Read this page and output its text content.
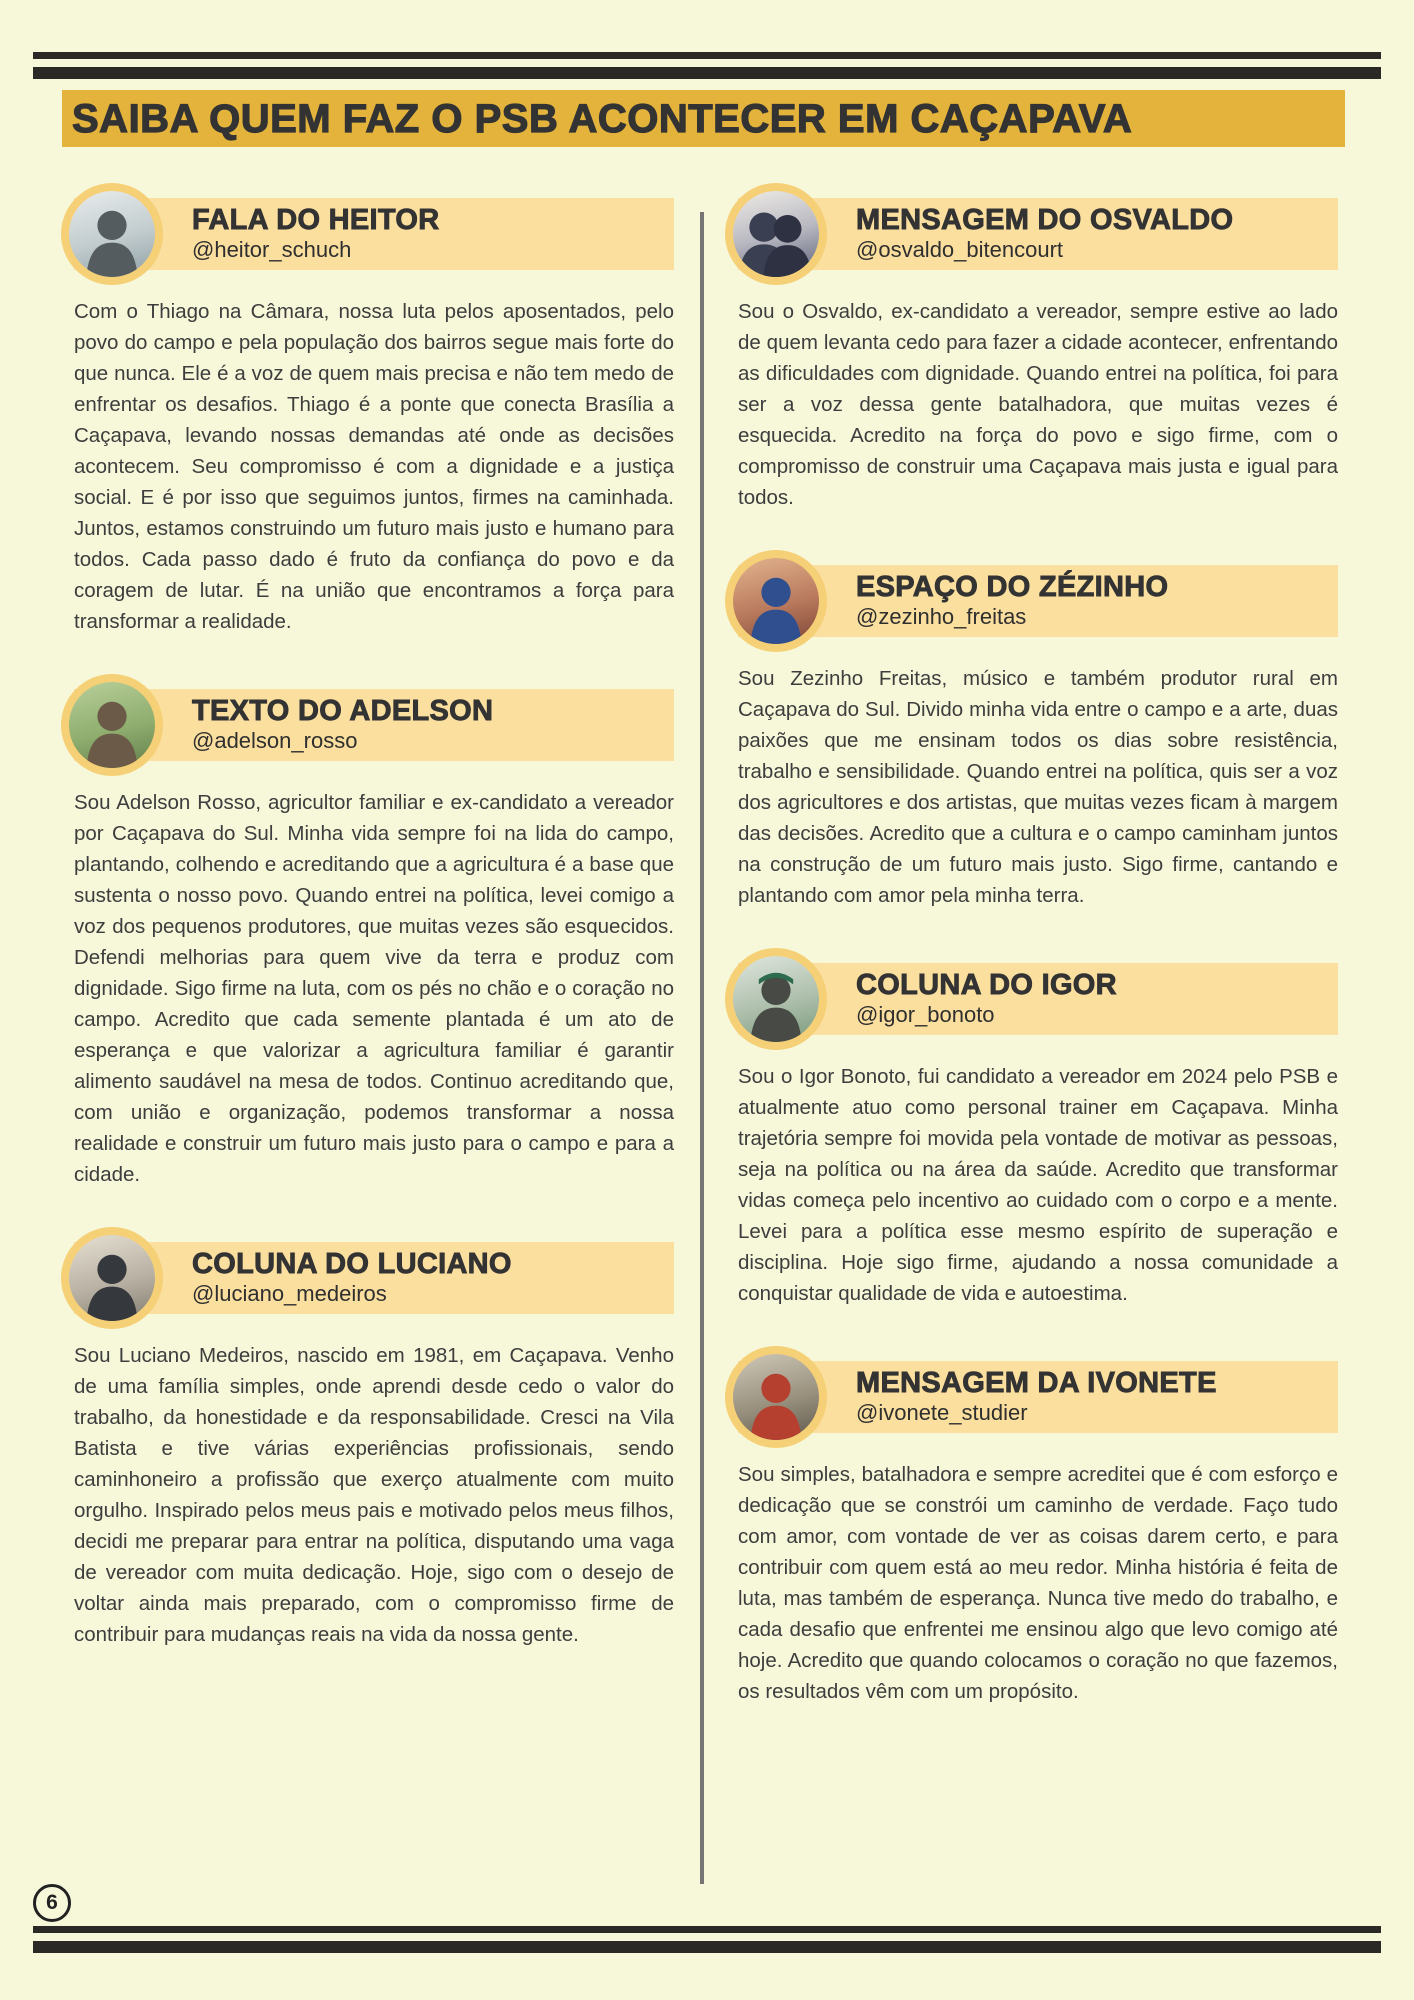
SAIBA QUEM FAZ O PSB ACONTECER EM CAÇAPAVA
FALA DO HEITOR
@heitor_schuch

Com o Thiago na Câmara, nossa luta pelos aposentados, pelo povo do campo e pela população dos bairros segue mais forte do que nunca. Ele é a voz de quem mais precisa e não tem medo de enfrentar os desafios. Thiago é a ponte que conecta Brasília a Caçapava, levando nossas demandas até onde as decisões acontecem. Seu compromisso é com a dignidade e a justiça social. E é por isso que seguimos juntos, firmes na caminhada. Juntos, estamos construindo um futuro mais justo e humano para todos. Cada passo dado é fruto da confiança do povo e da coragem de lutar. É na união que encontramos a força para transformar a realidade.

TEXTO DO ADELSON
@adelson_rosso

Sou Adelson Rosso, agricultor familiar e ex-candidato a vereador por Caçapava do Sul. Minha vida sempre foi na lida do campo, plantando, colhendo e acreditando que a agricultura é a base que sustenta o nosso povo. Quando entrei na política, levei comigo a voz dos pequenos produtores, que muitas vezes são esquecidos. Defendi melhorias para quem vive da terra e produz com dignidade. Sigo firme na luta, com os pés no chão e o coração no campo. Acredito que cada semente plantada é um ato de esperança e que valorizar a agricultura familiar é garantir alimento saudável na mesa de todos. Continuo acreditando que, com união e organização, podemos transformar a nossa realidade e construir um futuro mais justo para o campo e para a cidade.

COLUNA DO LUCIANO
@luciano_medeiros

Sou Luciano Medeiros, nascido em 1981, em Caçapava. Venho de uma família simples, onde aprendi desde cedo o valor do trabalho, da honestidade e da responsabilidade. Cresci na Vila Batista e tive várias experiências profissionais, sendo caminhoneiro a profissão que exerço atualmente com muito orgulho. Inspirado pelos meus pais e motivado pelos meus filhos, decidi me preparar para entrar na política, disputando uma vaga de vereador com muita dedicação. Hoje, sigo com o desejo de voltar ainda mais preparado, com o compromisso firme de contribuir para mudanças reais na vida da nossa gente.

MENSAGEM DO OSVALDO
@osvaldo_bitencourt

Sou o Osvaldo, ex-candidato a vereador, sempre estive ao lado de quem levanta cedo para fazer a cidade acontecer, enfrentando as dificuldades com dignidade. Quando entrei na política, foi para ser a voz dessa gente batalhadora, que muitas vezes é esquecida. Acredito na força do povo e sigo firme, com o compromisso de construir uma Caçapava mais justa e igual para todos.

ESPAÇO DO ZÉZINHO
@zezinho_freitas

Sou Zezinho Freitas, músico e também produtor rural em Caçapava do Sul. Divido minha vida entre o campo e a arte, duas paixões que me ensinam todos os dias sobre resistência, trabalho e sensibilidade. Quando entrei na política, quis ser a voz dos agricultores e dos artistas, que muitas vezes ficam à margem das decisões. Acredito que a cultura e o campo caminham juntos na construção de um futuro mais justo. Sigo firme, cantando e plantando com amor pela minha terra.

COLUNA DO IGOR
@igor_bonoto

Sou o Igor Bonoto, fui candidato a vereador em 2024 pelo PSB e atualmente atuo como personal trainer em Caçapava. Minha trajetória sempre foi movida pela vontade de motivar as pessoas, seja na política ou na área da saúde. Acredito que transformar vidas começa pelo incentivo ao cuidado com o corpo e a mente. Levei para a política esse mesmo espírito de superação e disciplina. Hoje sigo firme, ajudando a nossa comunidade a conquistar qualidade de vida e autoestima.

MENSAGEM DA IVONETE
@ivonete_studier

Sou simples, batalhadora e sempre acreditei que é com esforço e dedicação que se constrói um caminho de verdade. Faço tudo com amor, com vontade de ver as coisas darem certo, e para contribuir com quem está ao meu redor. Minha história é feita de luta, mas também de esperança. Nunca tive medo do trabalho, e cada desafio que enfrentei me ensinou algo que levo comigo até hoje. Acredito que quando colocamos o coração no que fazemos, os resultados vêm com um propósito.

6
